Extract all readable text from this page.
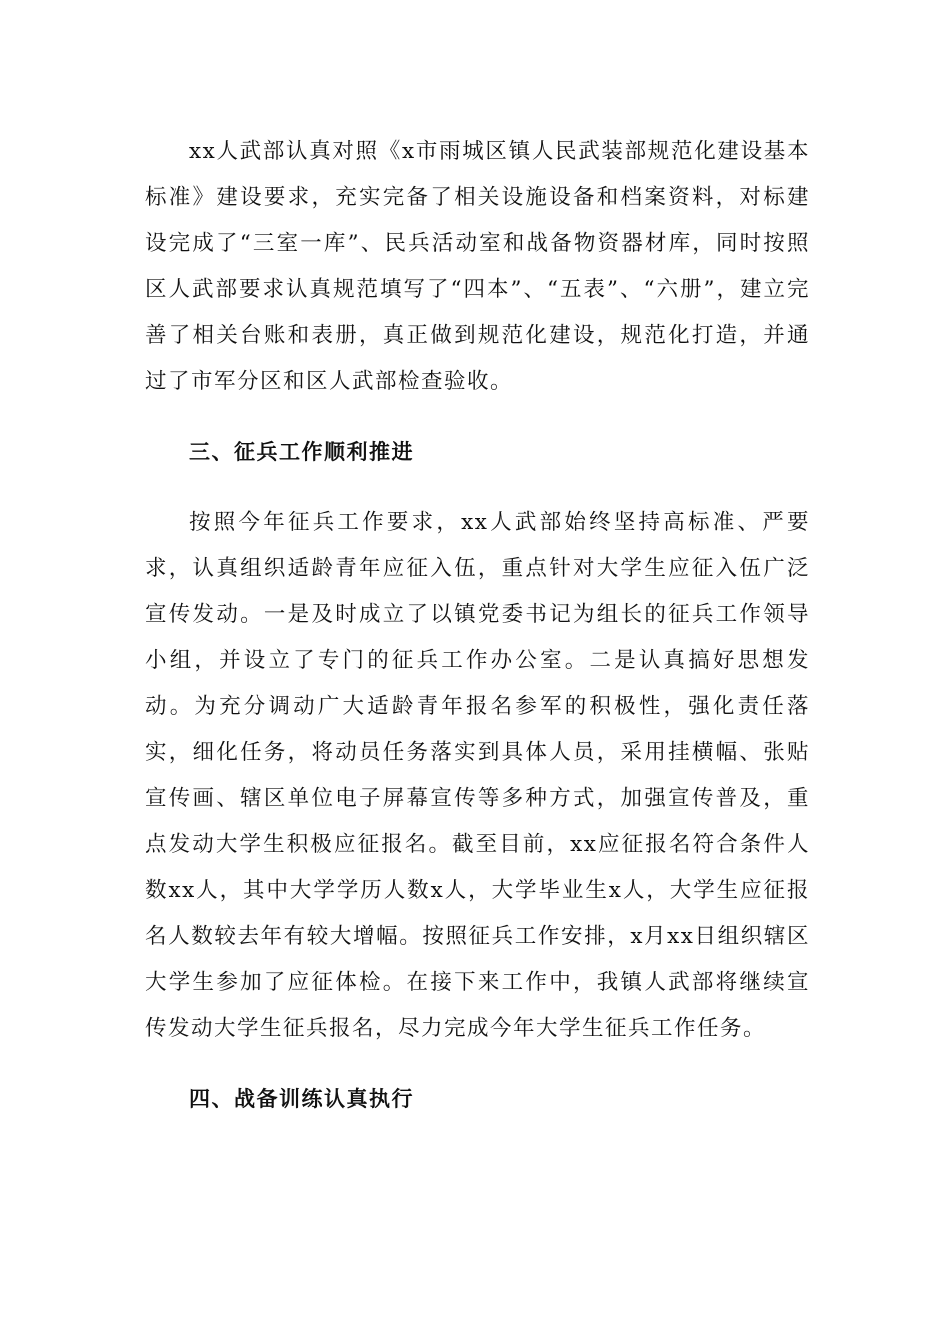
xx人武部认真对照《x市雨城区镇人民武装部规范化建设基本标准》建设要求，充实完备了相关设施设备和档案资料，对标建设完成了“三室一库”、民兵活动室和战备物资器材库，同时按照区人武部要求认真规范填写了“四本”、“五表”、“六册”，建立完善了相关台账和表册，真正做到规范化建设，规范化打造，并通过了市军分区和区人武部检查验收。

三、征兵工作顺利推进

按照今年征兵工作要求，xx人武部始终坚持高标准、严要求，认真组织适龄青年应征入伍，重点针对大学生应征入伍广泛宣传发动。一是及时成立了以镇党委书记为组长的征兵工作领导小组，并设立了专门的征兵工作办公室。二是认真搞好思想发动。为充分调动广大适龄青年报名参军的积极性，强化责任落实，细化任务，将动员任务落实到具体人员，采用挂横幅、张贴宣传画、辖区单位电子屏幕宣传等多种方式，加强宣传普及，重点发动大学生积极应征报名。截至目前，xx应征报名符合条件人数xx人，其中大学学历人数x人，大学毕业生x人，大学生应征报名人数较去年有较大增幅。按照征兵工作安排，x月xx日组织辖区大学生参加了应征体检。在接下来工作中，我镇人武部将继续宣传发动大学生征兵报名，尽力完成今年大学生征兵工作任务。

四、战备训练认真执行
